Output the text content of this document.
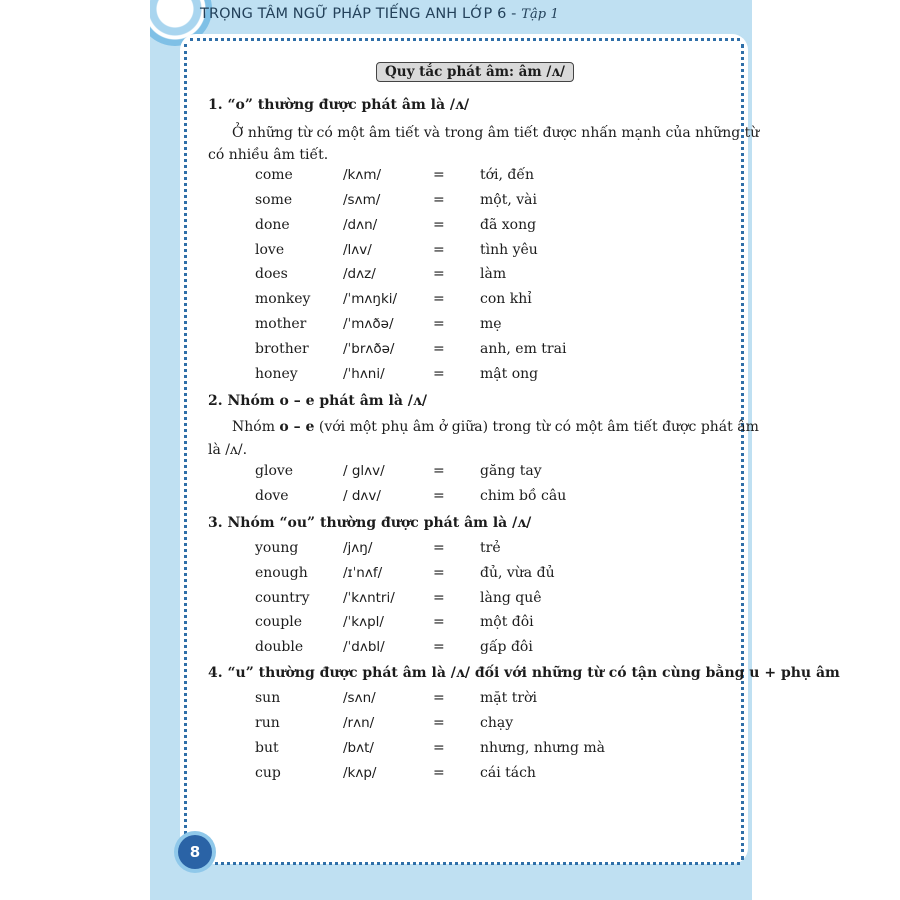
TRỌNG TÂM NGỮ PHÁP TIẾNG ANH LỚP 6 - Tập 1
8
Quy tắc phát âm: âm /ʌ/
1. “o” thường được phát âm là /ʌ/
Ở những từ có một âm tiết và trong âm tiết được nhấn mạnh của những từ
có nhiều âm tiết.
come	/kʌm/	=	tới, đến
some	/sʌm/	=	một, vài
done	/dʌn/	=	đã xong
love	/lʌv/	=	tình yêu
does	/dʌz/	=	làm
monkey /ˈmʌŋki/	=	con khỉ
mother	/ˈmʌðə/	=	mẹ
brother	/ˈbrʌðə/	=	anh, em trai
honey	/ˈhʌni/	=	mật ong
2. Nhóm o – e phát âm là /ʌ/
Nhóm o – e (với một phụ âm ở giữa) trong từ có một âm tiết được phát âm
là /ʌ/.
glove	/ glʌv/	=	găng tay
dove	/ dʌv/	=	chim bồ câu
3. Nhóm “ou” thường được phát âm là /ʌ/
young	/jʌŋ/	=	trẻ
enough	/ɪˈnʌf/	=	đủ, vừa đủ
country /ˈkʌntri/	=	làng quê
couple	/ˈkʌpl/	=	một đôi
double	/ˈdʌbl/	=	gấp đôi
4. “u” thường được phát âm là /ʌ/ đối với những từ có tận cùng bằng u + phụ âm
sun	/sʌn/	=	mặt trời
run	/rʌn/	=	chạy
but	/bʌt/	=	nhưng, nhưng mà
cup	/kʌp/	=	cái tách
